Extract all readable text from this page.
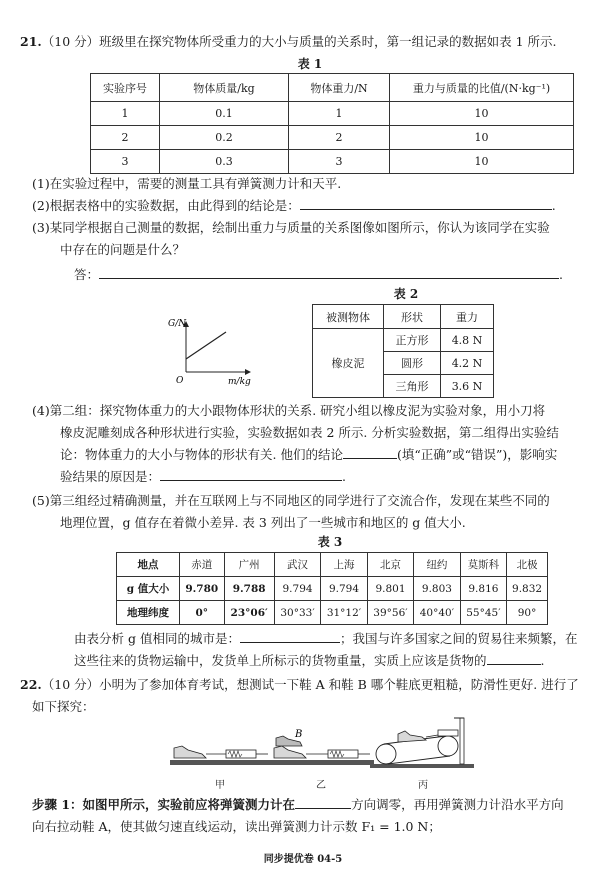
21.（10 分）班级里在探究物体所受重力的大小与质量的关系时，第一组记录的数据如表 1 所示.
表 1
实验序号	物体质量/kg	物体重力/N	重力与质量的比值/(N·kg⁻¹)
1	0.1	1	10
2	0.2	2	10
3	0.3	3	10
(1)在实验过程中，需要的测量工具有弹簧测力计和天平.
(2)根据表格中的实验数据，由此得到的结论是：	.
(3)某同学根据自己测量的数据，绘制出重力与质量的关系图像如图所示，你认为该同学在实验
中存在的问题是什么？
答：	.
G/N
O	m/kg
表 2
被测物体	形状	重力
橡皮泥	正方形	4.8 N
	圆形	4.2 N
	三角形	3.6 N
(4)第二组：探究物体重力的大小跟物体形状的关系. 研究小组以橡皮泥为实验对象，用小刀将
橡皮泥雕刻成各种形状进行实验，实验数据如表 2 所示. 分析实验数据，第二组得出实验结
论：物体重力的大小与物体的形状有关. 他们的结论	(填“正确”或“错误”)，影响实
验结果的原因是：	.
(5)第三组经过精确测量，并在互联网上与不同地区的同学进行了交流合作，发现在某些不同的
地理位置，g 值存在着微小差异. 表 3 列出了一些城市和地区的 g 值大小.
表 3
地点	赤道	广州	武汉	上海	北京	纽约	莫斯科	北极
g 值大小	9.780	9.788	9.794	9.794	9.801	9.803	9.816	9.832
地理纬度	0°	23°06′	30°33′	31°12′	39°56′	40°40′	55°45′	90°
由表分析 g 值相同的城市是：	；我国与许多国家之间的贸易往来频繁，在
这些往来的货物运输中，发货单上所标示的货物重量，实质上应该是货物的	.
22.（10 分）小明为了参加体育考试，想测试一下鞋 A 和鞋 B 哪个鞋底更粗糙，防滑性更好. 进行了
如下探究：
甲
B
乙	丙
步骤 1：如图甲所示，实验前应将弹簧测力计在	方向调零，再用弹簧测力计沿水平方向
向右拉动鞋 A，使其做匀速直线运动，读出弹簧测力计示数 F₁ = 1.0 N；
同步提优卷 04-5
